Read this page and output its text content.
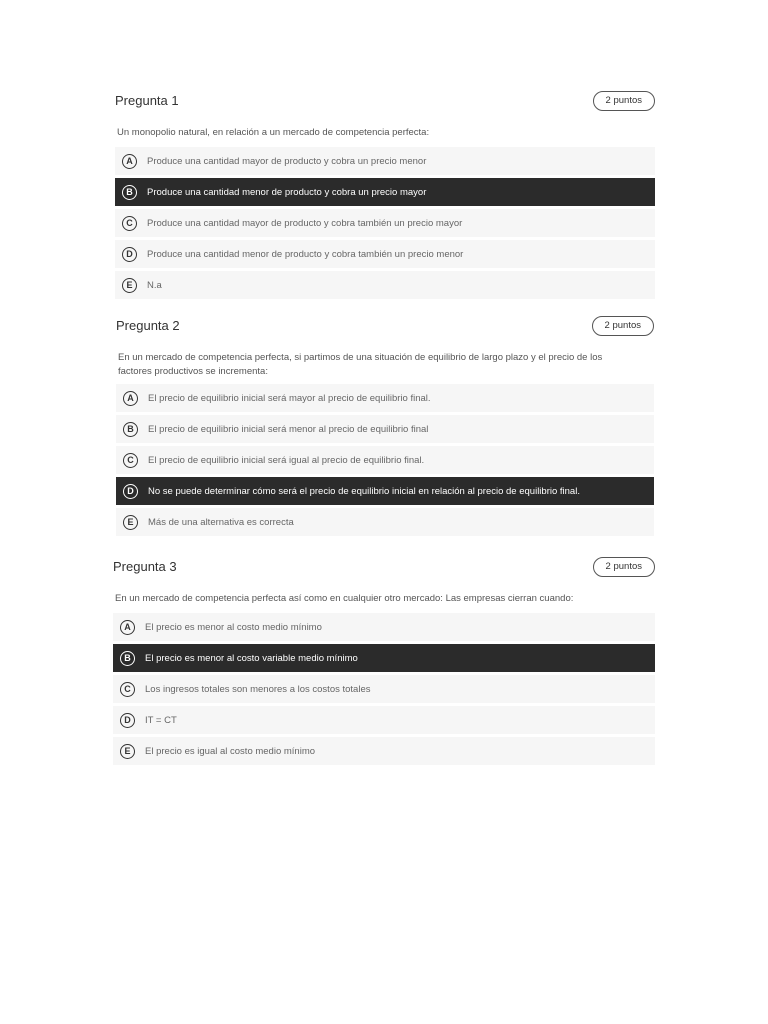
Pregunta 1	2 puntos
Un monopolio natural, en relación a un mercado de competencia perfecta:
A	Produce una cantidad mayor de producto y cobra un precio menor
B	Produce una cantidad menor de producto y cobra un precio mayor
C	Produce una cantidad mayor de producto y cobra también un precio mayor
D	Produce una cantidad menor de producto y cobra también un precio menor
E	N.a
Pregunta 2	2 puntos
En un mercado de competencia perfecta, si partimos de una situación de equilibrio de largo plazo y el precio de los
factores productivos se incrementa:
A	El precio de equilibrio inicial será mayor al precio de equilibrio final.
B	El precio de equilibrio inicial será menor al precio de equilibrio final
C	El precio de equilibrio inicial será igual al precio de equilibrio final.
D	No se puede determinar cómo será el precio de equilibrio inicial en relación al precio de equilibrio final.
E	Más de una alternativa es correcta
Pregunta 3	2 puntos
En un mercado de competencia perfecta así como en cualquier otro mercado: Las empresas cierran cuando:
A	El precio es menor al costo medio mínimo
B	El precio es menor al costo variable medio mínimo
C	Los ingresos totales son menores a los costos totales
D	IT = CT
E	El precio es igual al costo medio mínimo
